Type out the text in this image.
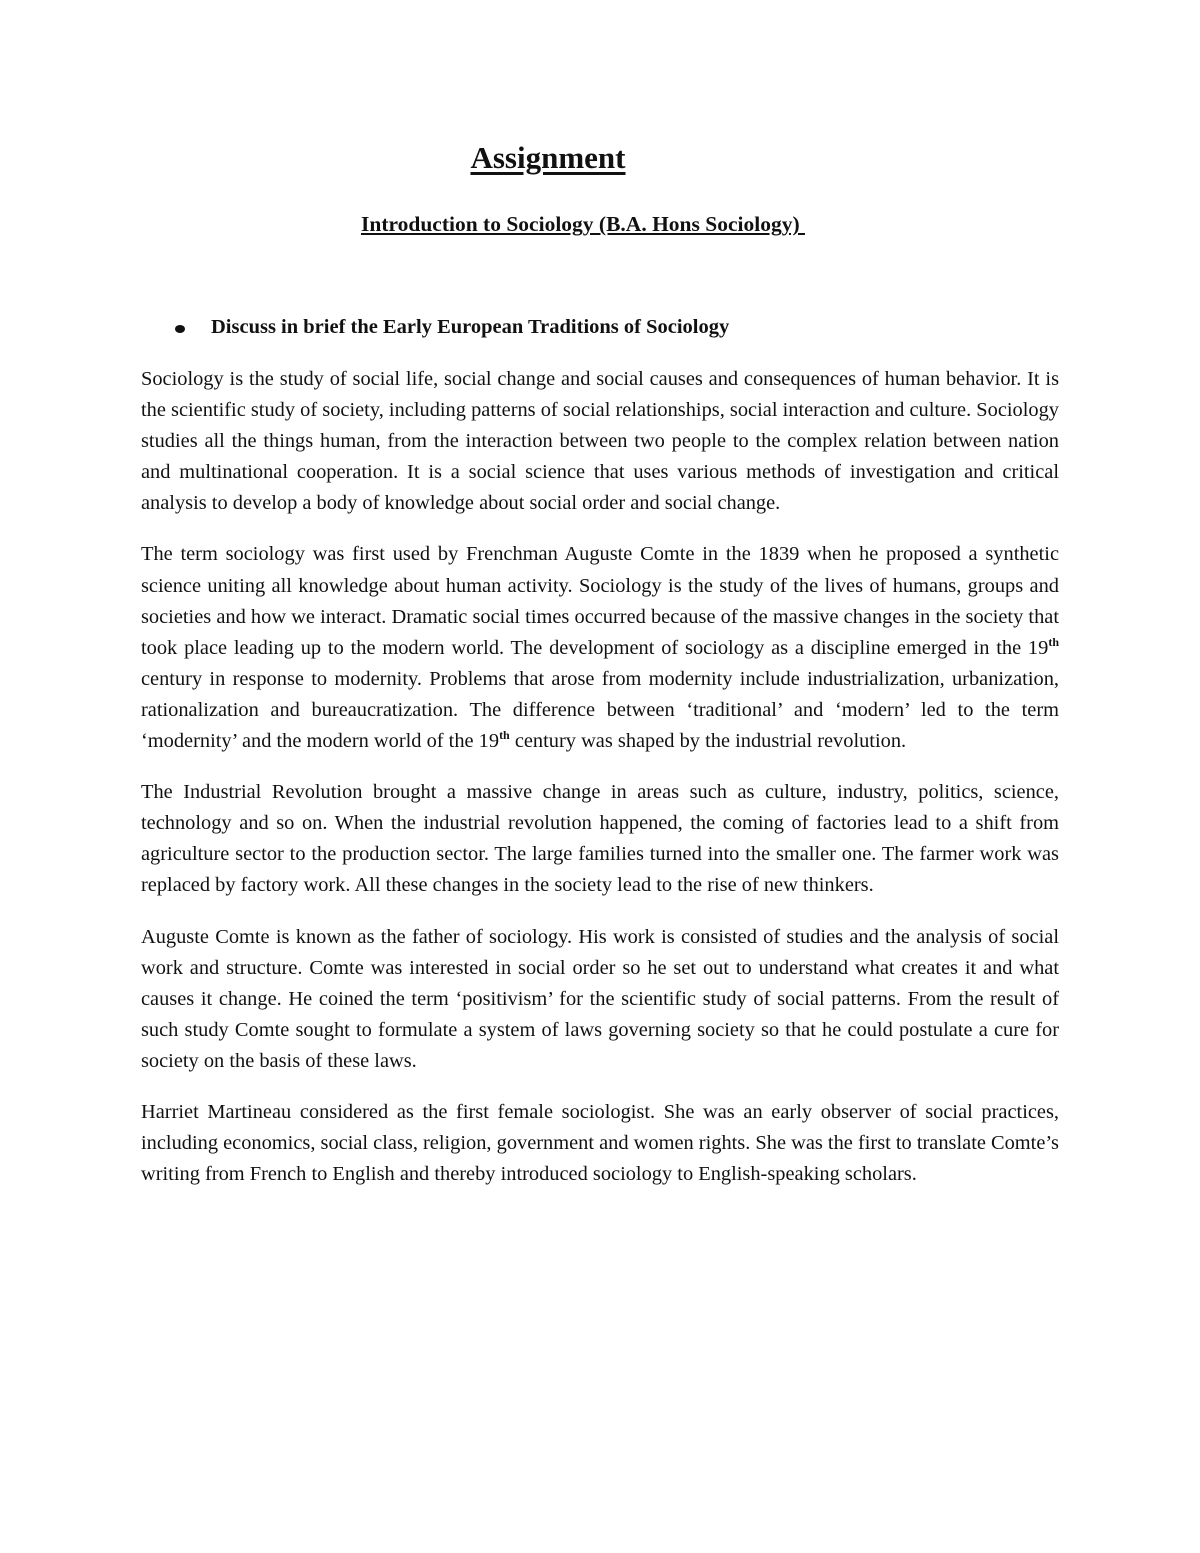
Assignment
Introduction to Sociology (B.A. Hons Sociology)
Discuss in brief the Early European Traditions of Sociology

Sociology is the study of social life, social change and social causes and consequences of human behavior. It is the scientific study of society, including patterns of social relationships, social interaction and culture. Sociology studies all the things human, from the interaction between two people to the complex relation between nation and multinational cooperation. It is a social science that uses various methods of investigation and critical analysis to develop a body of knowledge about social order and social change.

The term sociology was first used by Frenchman Auguste Comte in the 1839 when he proposed a synthetic science uniting all knowledge about human activity. Sociology is the study of the lives of humans, groups and societies and how we interact. Dramatic social times occurred because of the massive changes in the society that took place leading up to the modern world. The development of sociology as a discipline emerged in the 19th century in response to modernity. Problems that arose from modernity include industrialization, urbanization, rationalization and bureaucratization. The difference between ‘traditional’ and ‘modern’ led to the term ‘modernity’ and the modern world of the 19th century was shaped by the industrial revolution.

The Industrial Revolution brought a massive change in areas such as culture, industry, politics, science, technology and so on. When the industrial revolution happened, the coming of factories lead to a shift from agriculture sector to the production sector. The large families turned into the smaller one. The farmer work was replaced by factory work. All these changes in the society lead to the rise of new thinkers.

Auguste Comte is known as the father of sociology. His work is consisted of studies and the analysis of social work and structure. Comte was interested in social order so he set out to understand what creates it and what causes it change. He coined the term ‘positivism’ for the scientific study of social patterns. From the result of such study Comte sought to formulate a system of laws governing society so that he could postulate a cure for society on the basis of these laws.

Harriet Martineau considered as the first female sociologist. She was an early observer of social practices, including economics, social class, religion, government and women rights. She was the first to translate Comte’s writing from French to English and thereby introduced sociology to English-speaking scholars.
